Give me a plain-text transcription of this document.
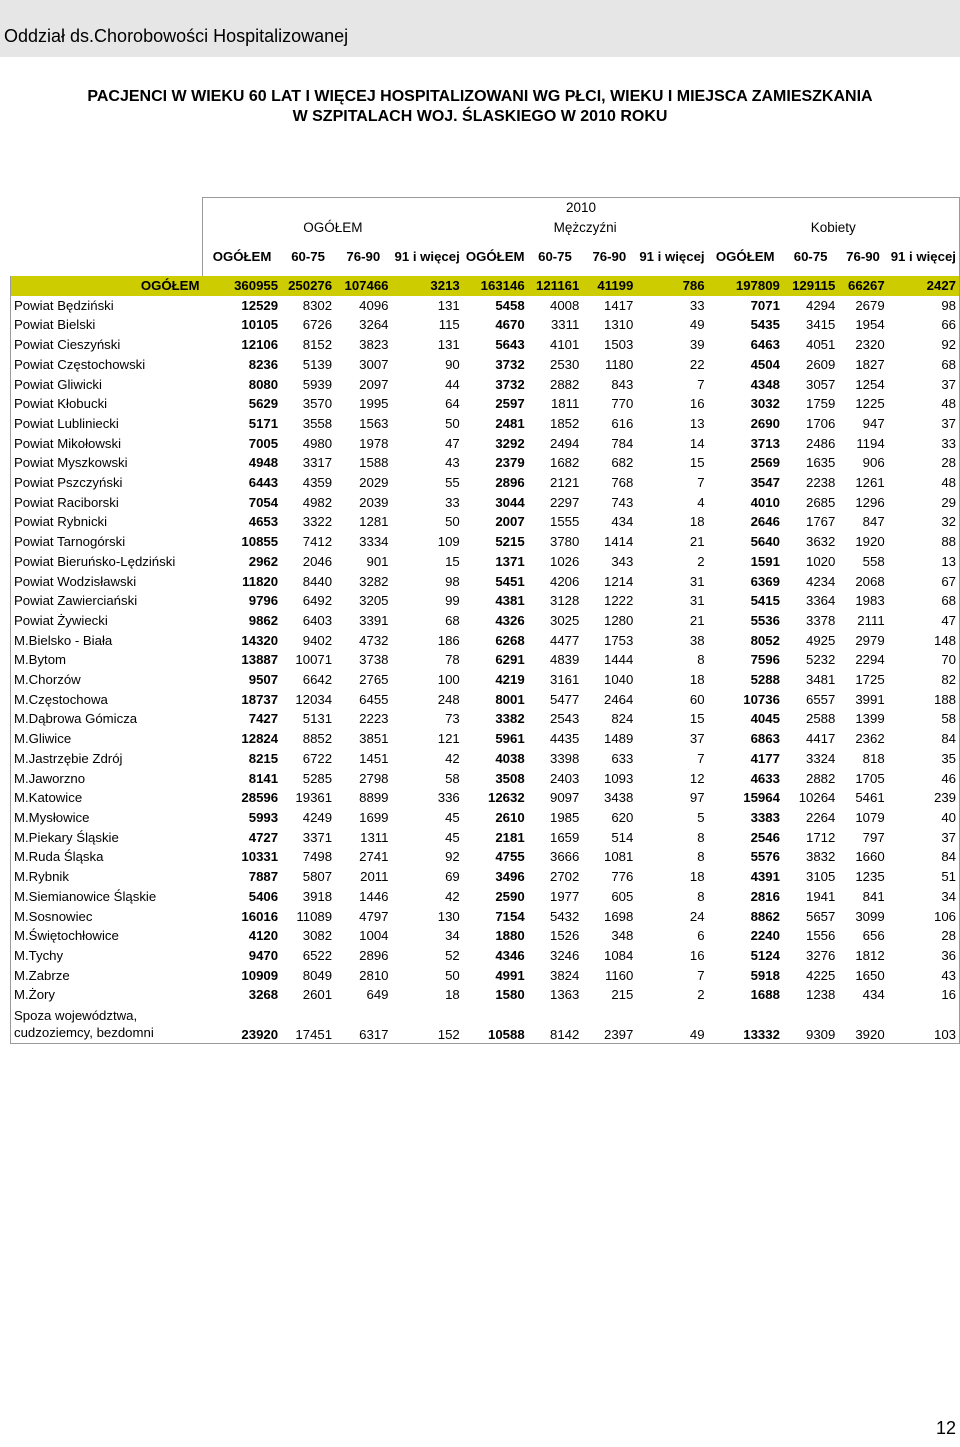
Oddział ds.Chorobowości Hospitalizowanej
PACJENCI W WIEKU 60 LAT I WIĘCEJ HOSPITALIZOWANI WG PŁCI, WIEKU I MIEJSCA ZAMIESZKANIA
W SZPITALACH WOJ. ŚLASKIEGO W 2010 ROKU
	2010											
	OGÓŁEM				Mężczyźni				Kobiety			
	OGÓŁEM	60-75	76-90	91 i więcej	OGÓŁEM	60-75	76-90	91 i więcej	OGÓŁEM	60-75	76-90	91 i więcej
OGÓŁEM	360955	250276	107466	3213	163146	121161	41199	786	197809	129115	66267	2427
Powiat Będziński	12529	8302	4096	131	5458	4008	1417	33	7071	4294	2679	98
Powiat Bielski	10105	6726	3264	115	4670	3311	1310	49	5435	3415	1954	66
Powiat Cieszyński	12106	8152	3823	131	5643	4101	1503	39	6463	4051	2320	92
Powiat Częstochowski	8236	5139	3007	90	3732	2530	1180	22	4504	2609	1827	68
Powiat Gliwicki	8080	5939	2097	44	3732	2882	843	7	4348	3057	1254	37
Powiat Kłobucki	5629	3570	1995	64	2597	1811	770	16	3032	1759	1225	48
Powiat Lubliniecki	5171	3558	1563	50	2481	1852	616	13	2690	1706	947	37
Powiat Mikołowski	7005	4980	1978	47	3292	2494	784	14	3713	2486	1194	33
Powiat Myszkowski	4948	3317	1588	43	2379	1682	682	15	2569	1635	906	28
Powiat Pszczyński	6443	4359	2029	55	2896	2121	768	7	3547	2238	1261	48
Powiat Raciborski	7054	4982	2039	33	3044	2297	743	4	4010	2685	1296	29
Powiat Rybnicki	4653	3322	1281	50	2007	1555	434	18	2646	1767	847	32
Powiat Tarnogórski	10855	7412	3334	109	5215	3780	1414	21	5640	3632	1920	88
Powiat Bieruńsko-Lędziński	2962	2046	901	15	1371	1026	343	2	1591	1020	558	13
Powiat Wodzisławski	11820	8440	3282	98	5451	4206	1214	31	6369	4234	2068	67
Powiat Zawierciański	9796	6492	3205	99	4381	3128	1222	31	5415	3364	1983	68
Powiat Żywiecki	9862	6403	3391	68	4326	3025	1280	21	5536	3378	2111	47
M.Bielsko - Biała	14320	9402	4732	186	6268	4477	1753	38	8052	4925	2979	148
M.Bytom	13887	10071	3738	78	6291	4839	1444	8	7596	5232	2294	70
M.Chorzów	9507	6642	2765	100	4219	3161	1040	18	5288	3481	1725	82
M.Częstochowa	18737	12034	6455	248	8001	5477	2464	60	10736	6557	3991	188
M.Dąbrowa Gómicza	7427	5131	2223	73	3382	2543	824	15	4045	2588	1399	58
M.Gliwice	12824	8852	3851	121	5961	4435	1489	37	6863	4417	2362	84
M.Jastrzębie Zdrój	8215	6722	1451	42	4038	3398	633	7	4177	3324	818	35
M.Jaworzno	8141	5285	2798	58	3508	2403	1093	12	4633	2882	1705	46
M.Katowice	28596	19361	8899	336	12632	9097	3438	97	15964	10264	5461	239
M.Mysłowice	5993	4249	1699	45	2610	1985	620	5	3383	2264	1079	40
M.Piekary Śląskie	4727	3371	1311	45	2181	1659	514	8	2546	1712	797	37
M.Ruda Śląska	10331	7498	2741	92	4755	3666	1081	8	5576	3832	1660	84
M.Rybnik	7887	5807	2011	69	3496	2702	776	18	4391	3105	1235	51
M.Siemianowice Śląskie	5406	3918	1446	42	2590	1977	605	8	2816	1941	841	34
M.Sosnowiec	16016	11089	4797	130	7154	5432	1698	24	8862	5657	3099	106
M.Świętochłowice	4120	3082	1004	34	1880	1526	348	6	2240	1556	656	28
M.Tychy	9470	6522	2896	52	4346	3246	1084	16	5124	3276	1812	36
M.Zabrze	10909	8049	2810	50	4991	3824	1160	7	5918	4225	1650	43
M.Żory	3268	2601	649	18	1580	1363	215	2	1688	1238	434	16

Spoza województwa,
cudzoziemcy, bezdomni	23920	17451	6317	152	10588	8142	2397	49	13332	9309	3920	103
12
